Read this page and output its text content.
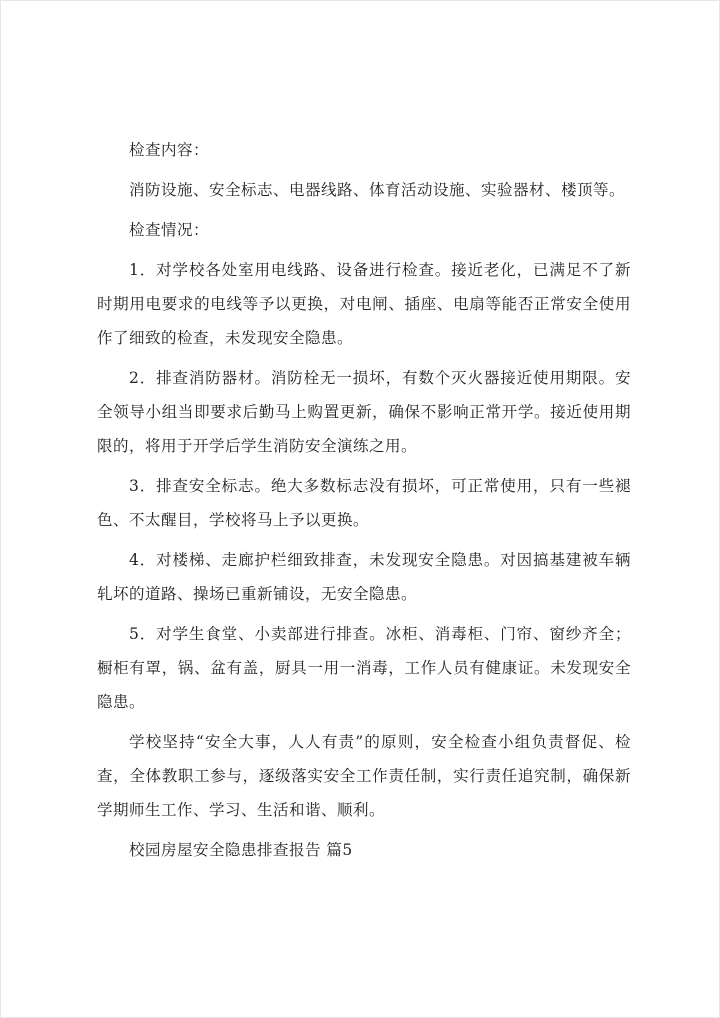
检查内容：

消防设施、安全标志、电器线路、体育活动设施、实验器材、楼顶等。

检查情况：

1．对学校各处室用电线路、设备进行检查。接近老化，已满足不了新时期用电要求的电线等予以更换，对电闸、插座、电扇等能否正常安全使用作了细致的检查，未发现安全隐患。

2．排查消防器材。消防栓无一损坏，有数个灭火器接近使用期限。安全领导小组当即要求后勤马上购置更新，确保不影响正常开学。接近使用期限的，将用于开学后学生消防安全演练之用。

3．排查安全标志。绝大多数标志没有损坏，可正常使用，只有一些褪色、不太醒目，学校将马上予以更换。

4．对楼梯、走廊护栏细致排查，未发现安全隐患。对因搞基建被车辆轧坏的道路、操场已重新铺设，无安全隐患。

5．对学生食堂、小卖部进行排查。冰柜、消毒柜、门帘、窗纱齐全；橱柜有罩，锅、盆有盖，厨具一用一消毒，工作人员有健康证。未发现安全隐患。

学校坚持“安全大事，人人有责”的原则，安全检查小组负责督促、检查，全体教职工参与，逐级落实安全工作责任制，实行责任追究制，确保新学期师生工作、学习、生活和谐、顺利。

校园房屋安全隐患排查报告 篇5
